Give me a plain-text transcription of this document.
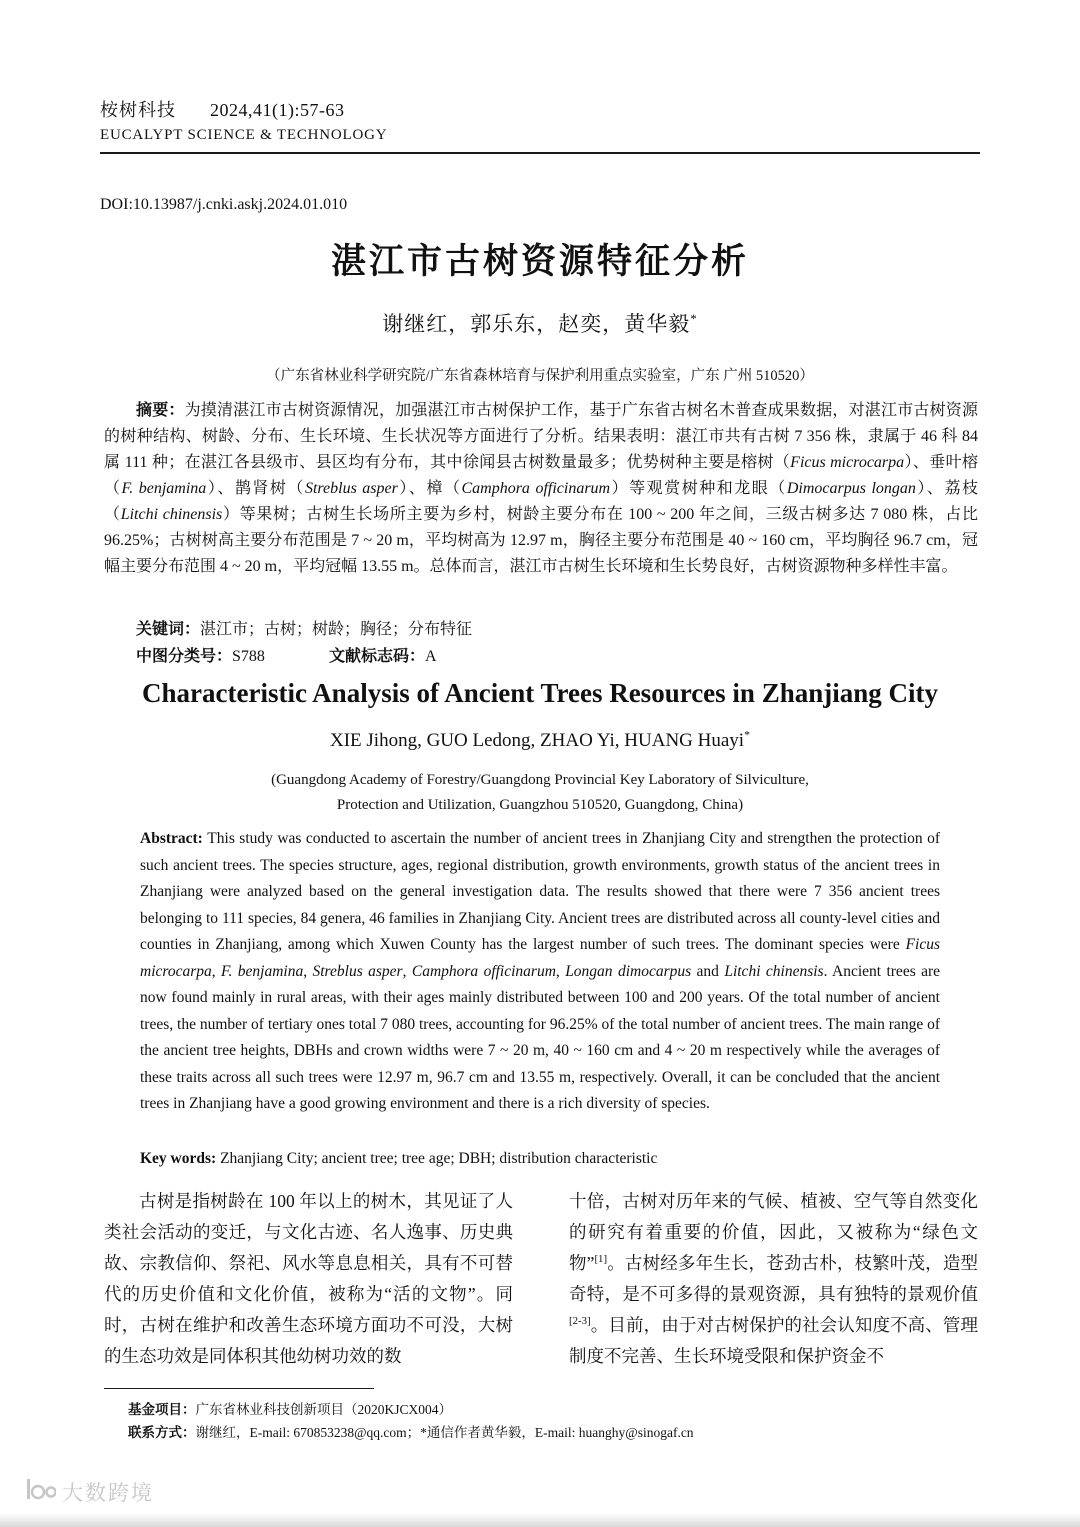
桉树科技 2024,41(1):57-63
EUCALYPT SCIENCE & TECHNOLOGY
DOI:10.13987/j.cnki.askj.2024.01.010
湛江市古树资源特征分析
谢继红，郭乐东，赵奕，黄华毅*
（广东省林业科学研究院/广东省森林培育与保护利用重点实验室，广东 广州 510520）
摘要：为摸清湛江市古树资源情况，加强湛江市古树保护工作，基于广东省古树名木普查成果数据，对湛江市古树资源的树种结构、树龄、分布、生长环境、生长状况等方面进行了分析。结果表明：湛江市共有古树 7 356 株，隶属于 46 科 84 属 111 种；在湛江各县级市、县区均有分布，其中徐闻县古树数量最多；优势树种主要是榕树（Ficus microcarpa）、垂叶榕（F. benjamina）、鹊肾树（Streblus asper）、樟（Camphora officinarum）等观赏树种和龙眼（Dimocarpus longan）、荔枝（Litchi chinensis）等果树；古树生长场所主要为乡村，树龄主要分布在 100 ~ 200 年之间，三级古树多达 7 080 株，占比 96.25%；古树树高主要分布范围是 7 ~ 20 m，平均树高为 12.97 m，胸径主要分布范围是 40 ~ 160 cm，平均胸径 96.7 cm，冠幅主要分布范围 4 ~ 20 m，平均冠幅 13.55 m。总体而言，湛江市古树生长环境和生长势良好，古树资源物种多样性丰富。
关键词：湛江市；古树；树龄；胸径；分布特征
中图分类号：S788　　　　	文献标志码：A
Characteristic Analysis of Ancient Trees Resources in Zhanjiang City
XIE Jihong, GUO Ledong, ZHAO Yi, HUANG Huayi*
(Guangdong Academy of Forestry/Guangdong Provincial Key Laboratory of Silviculture,
Protection and Utilization, Guangzhou 510520, Guangdong, China)
Abstract: This study was conducted to ascertain the number of ancient trees in Zhanjiang City and strengthen the protection of such ancient trees. The species structure, ages, regional distribution, growth environments, growth status of the ancient trees in Zhanjiang were analyzed based on the general investigation data. The results showed that there were 7 356 ancient trees belonging to 111 species, 84 genera, 46 families in Zhanjiang City. Ancient trees are distributed across all county-level cities and counties in Zhanjiang, among which Xuwen County has the largest number of such trees. The dominant species were Ficus microcarpa, F. benjamina, Streblus asper, Camphora officinarum, Longan dimocarpus and Litchi chinensis. Ancient trees are now found mainly in rural areas, with their ages mainly distributed between 100 and 200 years. Of the total number of ancient trees, the number of tertiary ones total 7 080 trees, accounting for 96.25% of the total number of ancient trees. The main range of the ancient tree heights, DBHs and crown widths were 7 ~ 20 m, 40 ~ 160 cm and 4 ~ 20 m respectively while the averages of these traits across all such trees were 12.97 m, 96.7 cm and 13.55 m, respectively. Overall, it can be concluded that the ancient trees in Zhanjiang have a good growing environment and there is a rich diversity of species.
Key words: Zhanjiang City; ancient tree; tree age; DBH; distribution characteristic
古树是指树龄在 100 年以上的树木，其见证了人类社会活动的变迁，与文化古迹、名人逸事、历史典故、宗教信仰、祭祀、风水等息息相关，具有不可替代的历史价值和文化价值，被称为“活的文物”。同时，古树在维护和改善生态环境方面功不可没，大树的生态功效是同体积其他幼树功效的数
十倍，古树对历年来的气候、植被、空气等自然变化的研究有着重要的价值，因此，又被称为“绿色文物”[1]。古树经多年生长，苍劲古朴，枝繁叶茂，造型奇特，是不可多得的景观资源，具有独特的景观价值[2-3]。目前，由于对古树保护的社会认知度不高、管理制度不完善、生长环境受限和保护资金不
基金项目：广东省林业科技创新项目（2020KJCX004）
联系方式：谢继红，E-mail: 670853238@qq.com；*通信作者黄华毅，E-mail: huanghy@sinogaf.cn
大数跨境
